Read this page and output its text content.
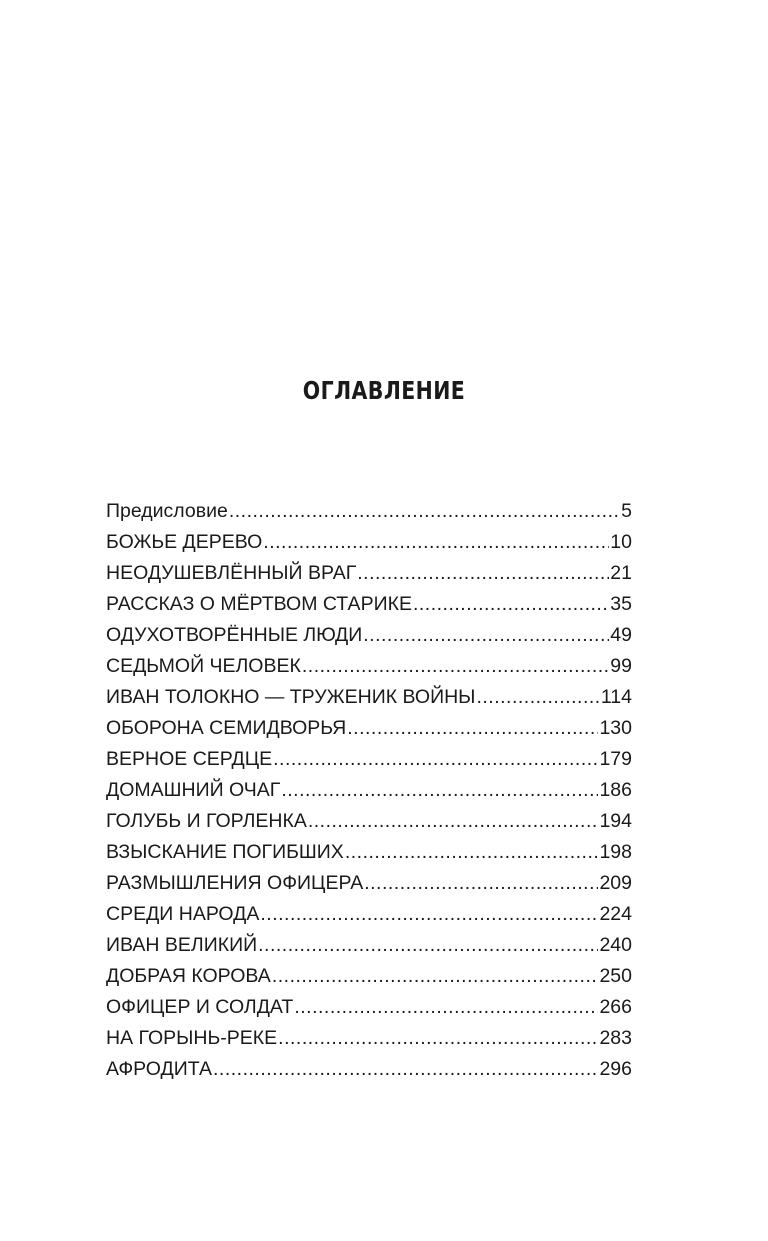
ОГЛАВЛЕНИЕ
Предисловие .....	5
БОЖЬЕ ДЕРЕВО .....	10
НЕОДУШЕВЛЁННЫЙ ВРАГ .....	21
РАССКАЗ О МЁРТВОМ СТАРИКЕ .....	35
ОДУХОТВОРЁННЫЕ ЛЮДИ .....	49
СЕДЬМОЙ ЧЕЛОВЕК .....	99
ИВАН ТОЛОКНО — ТРУЖЕНИК ВОЙНЫ .....	114
ОБОРОНА СЕМИДВОРЬЯ .....	130
ВЕРНОЕ СЕРДЦЕ .....	179
ДОМАШНИЙ ОЧАГ .....	186
ГОЛУБЬ И ГОРЛЕНКА .....	194
ВЗЫСКАНИЕ ПОГИБШИХ .....	198
РАЗМЫШЛЕНИЯ ОФИЦЕРА .....	209
СРЕДИ НАРОДА .....	224
ИВАН ВЕЛИКИЙ .....	240
ДОБРАЯ КОРОВА .....	250
ОФИЦЕР И СОЛДАТ .....	266
НА ГОРЫНЬ-РЕКЕ .....	283
АФРОДИТА .....	296
